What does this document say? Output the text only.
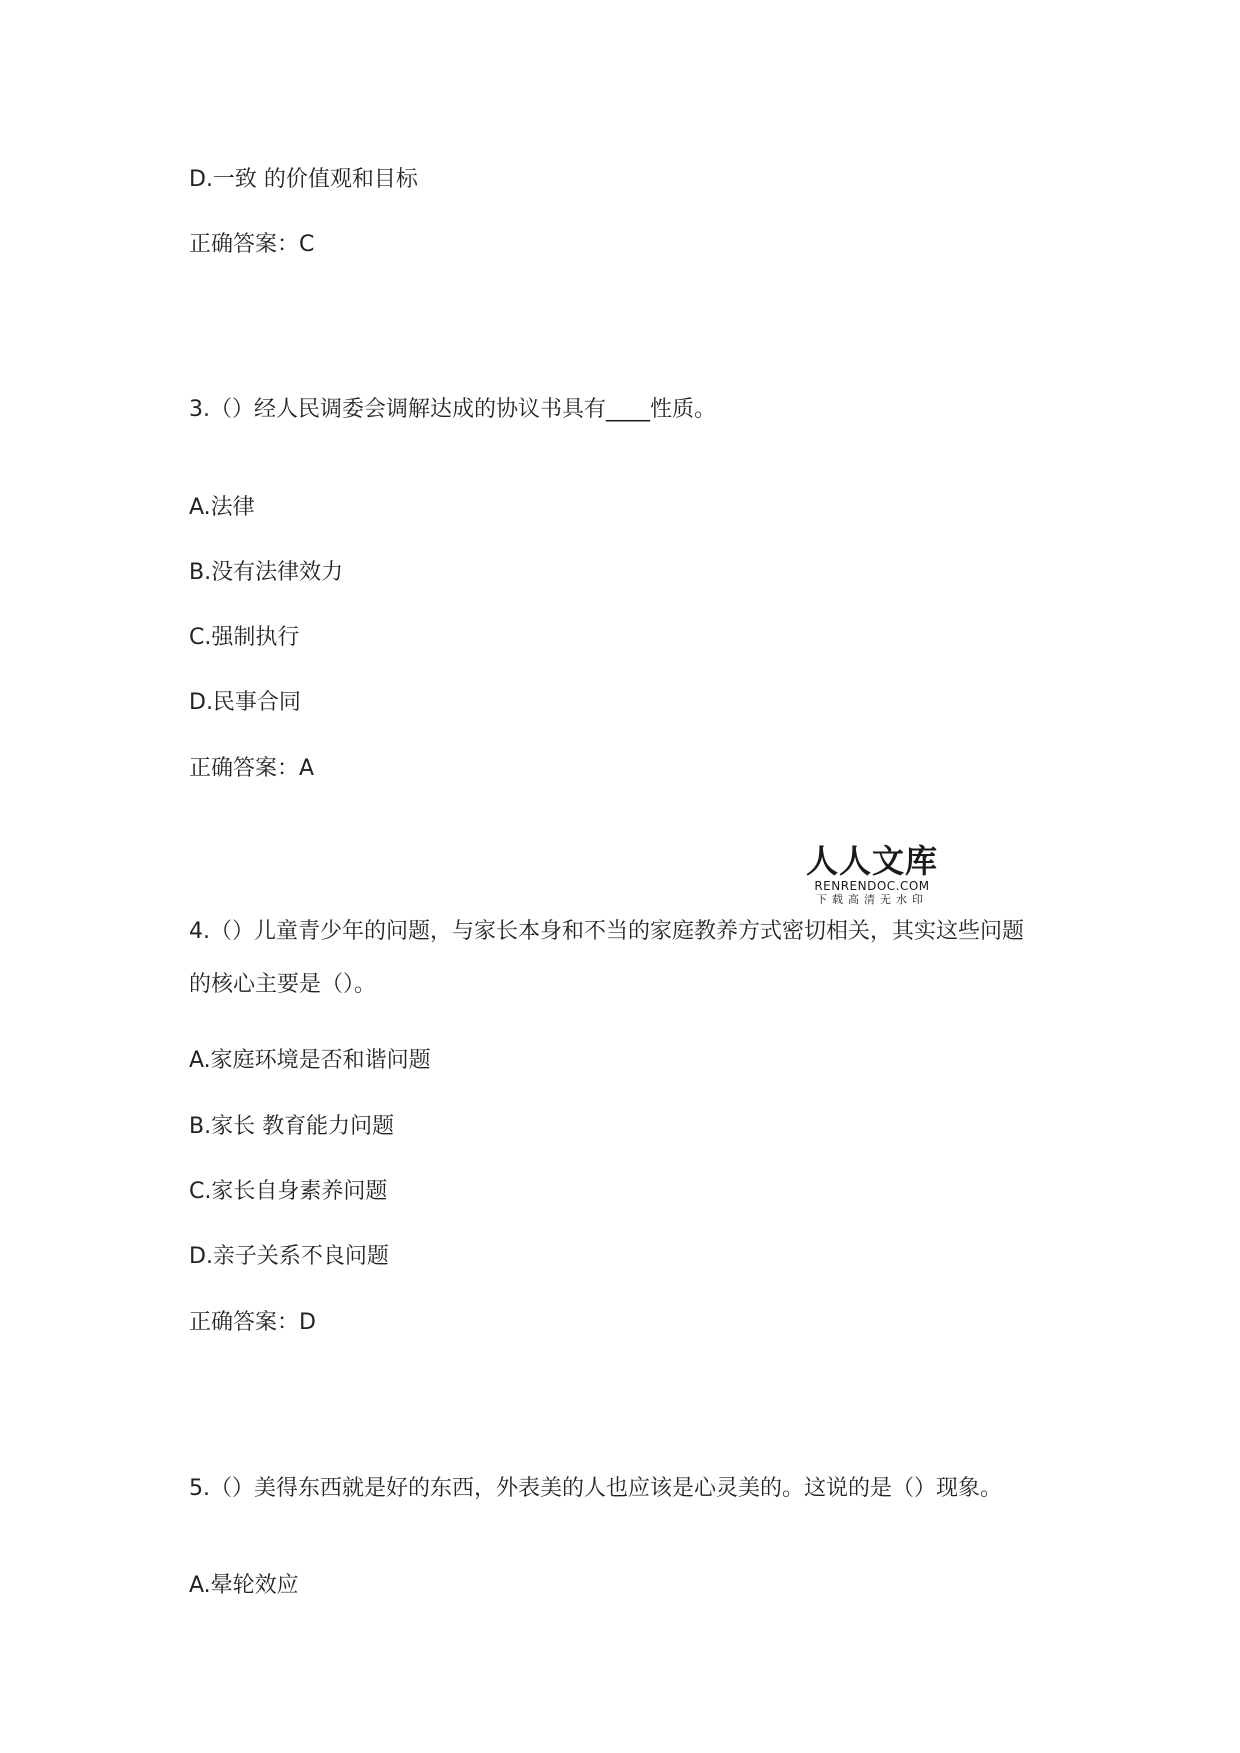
D.一致 的价值观和目标
正确答案：C
3.（）经人民调委会调解达成的协议书具有____性质。
A.法律
B.没有法律效力
C.强制执行
D.民事合同
正确答案：A
人人文库
RENRENDOC.COM
下载高清无水印
4.（）儿童青少年的问题，与家长本身和不当的家庭教养方式密切相关，其实这些问题
的核心主要是（）。
A.家庭环境是否和谐问题
B.家长 教育能力问题
C.家长自身素养问题
D.亲子关系不良问题
正确答案：D
5.（）美得东西就是好的东西，外表美的人也应该是心灵美的。这说的是（）现象。
A.晕轮效应
